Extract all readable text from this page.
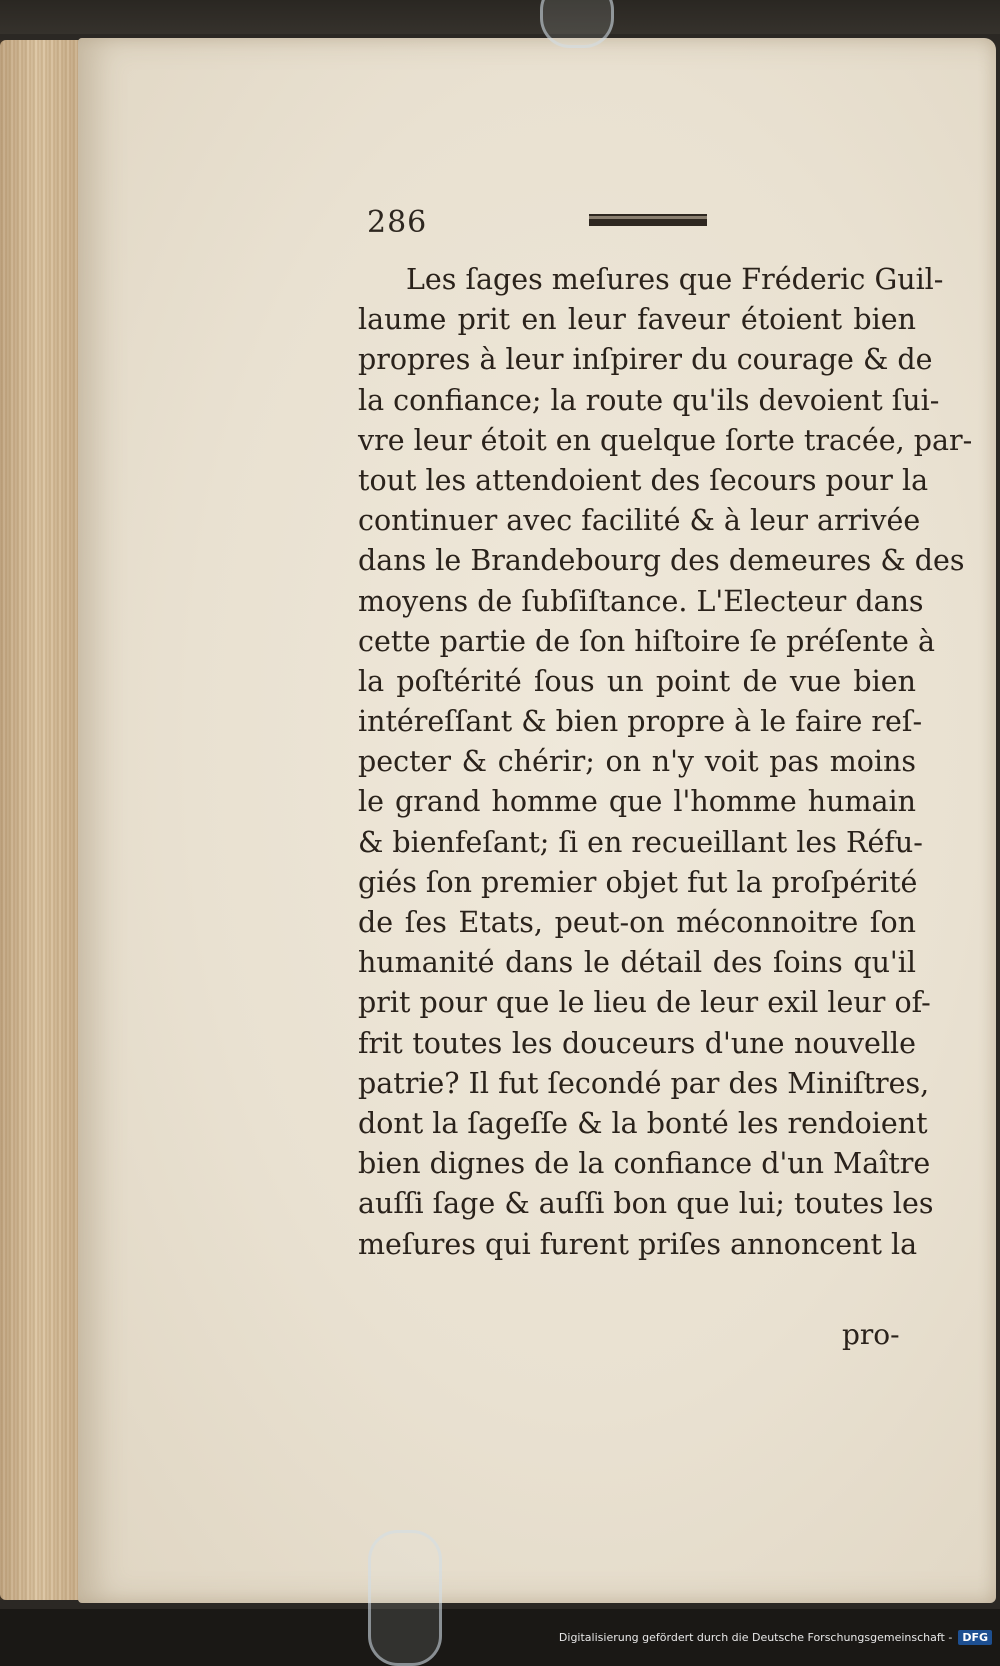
286
Les ſages meſures que Fréderic Guil-
laume prit en leur faveur étoient bien
propres à leur inſpirer du courage & de
la confiance; la route qu'ils devoient ſui-
vre leur étoit en quelque ſorte tracée, par-
tout les attendoient des ſecours pour la
continuer avec facilité & à leur arrivée
dans le Brandebourg des demeures & des
moyens de ſubſiſtance. L'Electeur dans
cette partie de ſon hiſtoire ſe préſente à
la poſtérité ſous un point de vue bien
intéreſſant & bien propre à le faire reſ-
pecter & chérir; on n'y voit pas moins
le grand homme que l'homme humain
& bienfeſant; ſi en recueillant les Réfu-
giés ſon premier objet fut la proſpérité
de ſes Etats, peut-on méconnoitre ſon
humanité dans le détail des ſoins qu'il
prit pour que le lieu de leur exil leur of-
frit toutes les douceurs d'une nouvelle
patrie? Il fut ſecondé par des Miniſtres,
dont la ſageſſe & la bonté les rendoient
bien dignes de la confiance d'un Maître
auſſi ſage & auſſi bon que lui; toutes les
meſures qui furent priſes annoncent la
pro-
Digitalisierung gefördert durch die Deutsche Forschungsgemeinschaft - DFG
